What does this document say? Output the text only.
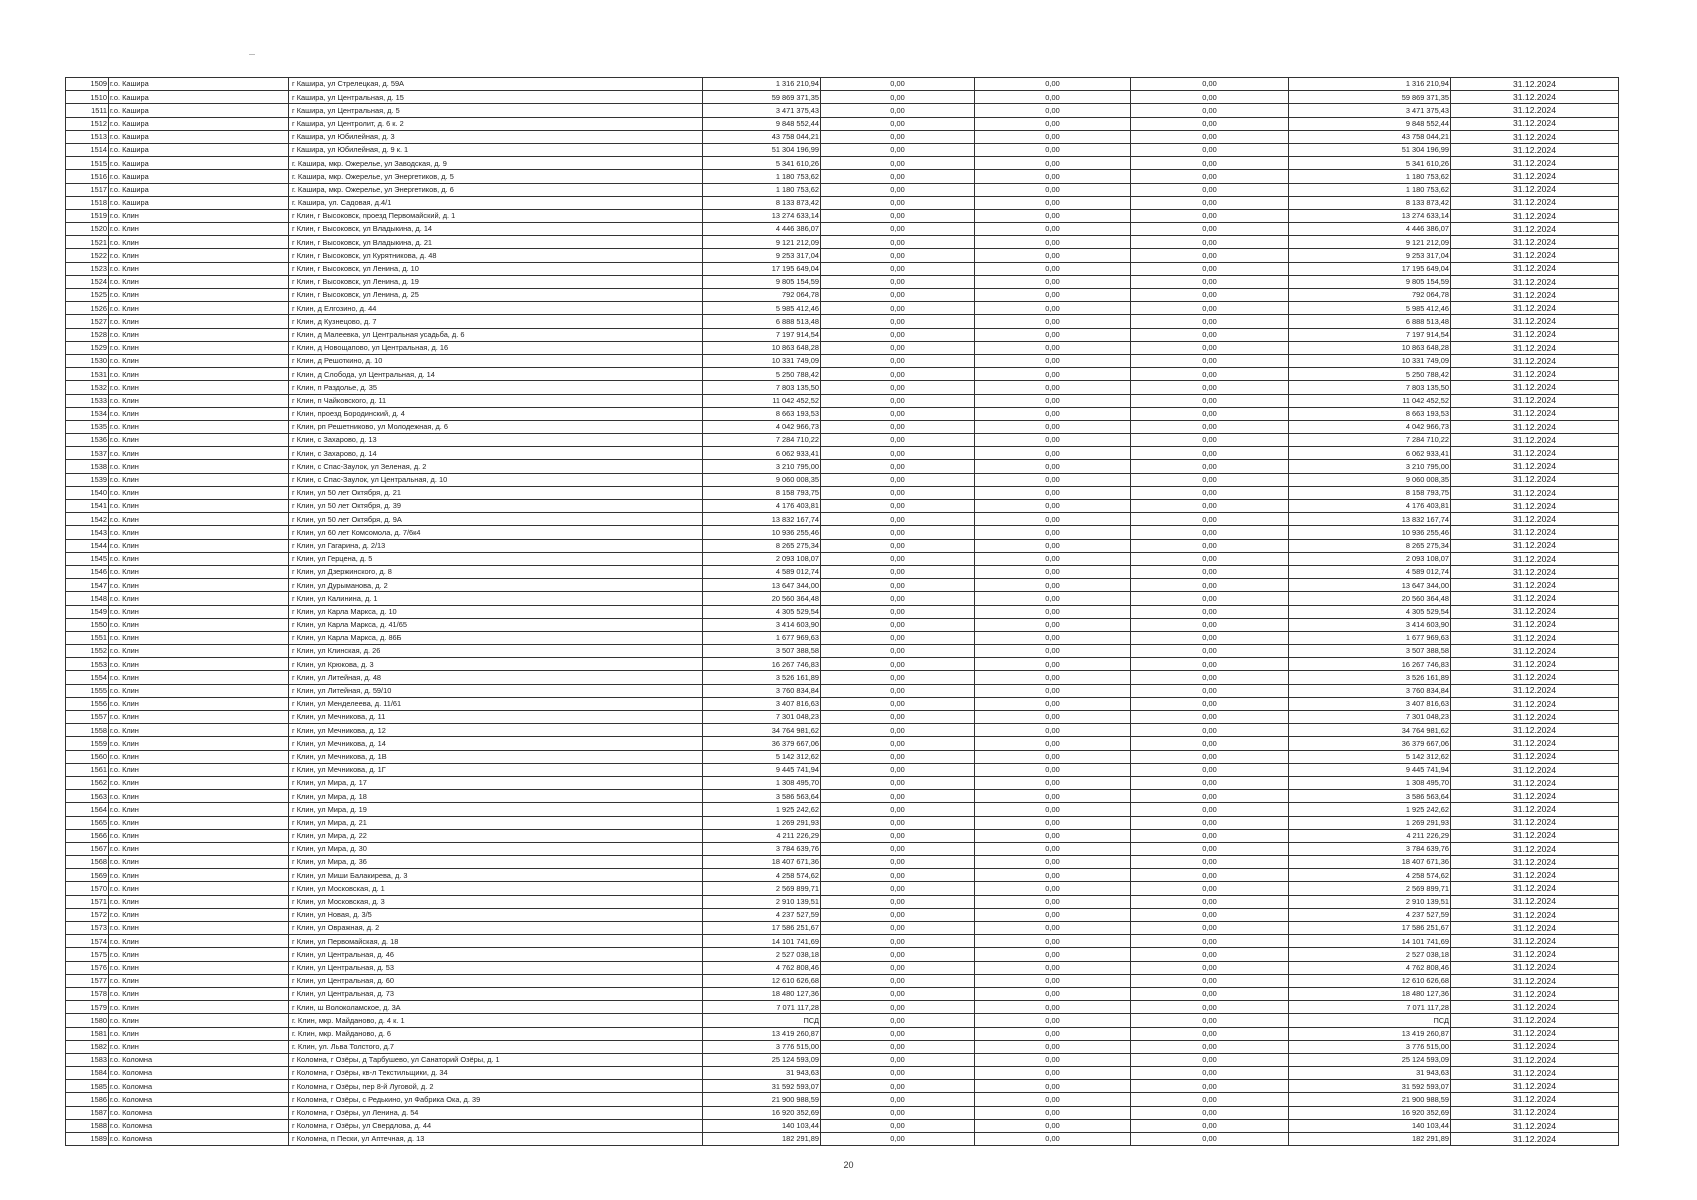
1509	г.о. Кашира	г Кашира, ул Стрелецкая, д. 59А	1 316 210,94	0,00	0,00	0,00	1 316 210,94	31.12.2024
1510	г.о. Кашира	г Кашира, ул Центральная, д. 15	59 869 371,35	0,00	0,00	0,00	59 869 371,35	31.12.2024
1511	г.о. Кашира	г Кашира, ул Центральная, д. 5	3 471 375,43	0,00	0,00	0,00	3 471 375,43	31.12.2024
1512	г.о. Кашира	г Кашира, ул Центролит, д. 6 к. 2	9 848 552,44	0,00	0,00	0,00	9 848 552,44	31.12.2024
1513	г.о. Кашира	г Кашира, ул Юбилейная, д. 3	43 758 044,21	0,00	0,00	0,00	43 758 044,21	31.12.2024
1514	г.о. Кашира	г Кашира, ул Юбилейная, д. 9 к. 1	51 304 196,99	0,00	0,00	0,00	51 304 196,99	31.12.2024
1515	г.о. Кашира	г. Кашира, мкр. Ожерелье, ул Заводская, д. 9	5 341 610,26	0,00	0,00	0,00	5 341 610,26	31.12.2024
1516	г.о. Кашира	г. Кашира, мкр. Ожерелье, ул Энергетиков, д. 5	1 180 753,62	0,00	0,00	0,00	1 180 753,62	31.12.2024
1517	г.о. Кашира	г. Кашира, мкр. Ожерелье, ул Энергетиков, д. 6	1 180 753,62	0,00	0,00	0,00	1 180 753,62	31.12.2024
1518	г.о. Кашира	г. Кашира, ул. Садовая, д.4/1	8 133 873,42	0,00	0,00	0,00	8 133 873,42	31.12.2024
1519	г.о. Клин	г Клин, г Высоковск, проезд Первомайский, д. 1	13 274 633,14	0,00	0,00	0,00	13 274 633,14	31.12.2024
1520	г.о. Клин	г Клин, г Высоковск, ул Владыкина, д. 14	4 446 386,07	0,00	0,00	0,00	4 446 386,07	31.12.2024
1521	г.о. Клин	г Клин, г Высоковск, ул Владыкина, д. 21	9 121 212,09	0,00	0,00	0,00	9 121 212,09	31.12.2024
1522	г.о. Клин	г Клин, г Высоковск, ул Курятникова, д. 48	9 253 317,04	0,00	0,00	0,00	9 253 317,04	31.12.2024
1523	г.о. Клин	г Клин, г Высоковск, ул Ленина, д. 10	17 195 649,04	0,00	0,00	0,00	17 195 649,04	31.12.2024
1524	г.о. Клин	г Клин, г Высоковск, ул Ленина, д. 19	9 805 154,59	0,00	0,00	0,00	9 805 154,59	31.12.2024
1525	г.о. Клин	г Клин, г Высоковск, ул Ленина, д. 25	792 064,78	0,00	0,00	0,00	792 064,78	31.12.2024
1526	г.о. Клин	г Клин, д Елгозино, д. 44	5 985 412,46	0,00	0,00	0,00	5 985 412,46	31.12.2024
1527	г.о. Клин	г Клин, д Кузнецово, д. 7	6 888 513,48	0,00	0,00	0,00	6 888 513,48	31.12.2024
1528	г.о. Клин	г Клин, д Малеевка, ул Центральная усадьба, д. 6	7 197 914,54	0,00	0,00	0,00	7 197 914,54	31.12.2024
1529	г.о. Клин	г Клин, д Новощапово, ул Центральная, д. 16	10 863 648,28	0,00	0,00	0,00	10 863 648,28	31.12.2024
1530	г.о. Клин	г Клин, д Решоткино, д. 10	10 331 749,09	0,00	0,00	0,00	10 331 749,09	31.12.2024
1531	г.о. Клин	г Клин, д Слобода, ул Центральная, д. 14	5 250 788,42	0,00	0,00	0,00	5 250 788,42	31.12.2024
1532	г.о. Клин	г Клин, п Раздолье, д. 35	7 803 135,50	0,00	0,00	0,00	7 803 135,50	31.12.2024
1533	г.о. Клин	г Клин, п Чайковского, д. 11	11 042 452,52	0,00	0,00	0,00	11 042 452,52	31.12.2024
1534	г.о. Клин	г Клин, проезд Бородинский, д. 4	8 663 193,53	0,00	0,00	0,00	8 663 193,53	31.12.2024
1535	г.о. Клин	г Клин, рп Решетниково, ул Молодежная, д. 6	4 042 966,73	0,00	0,00	0,00	4 042 966,73	31.12.2024
1536	г.о. Клин	г Клин, с Захарово, д. 13	7 284 710,22	0,00	0,00	0,00	7 284 710,22	31.12.2024
1537	г.о. Клин	г Клин, с Захарово, д. 14	6 062 933,41	0,00	0,00	0,00	6 062 933,41	31.12.2024
1538	г.о. Клин	г Клин, с Спас-Заулок, ул Зеленая, д. 2	3 210 795,00	0,00	0,00	0,00	3 210 795,00	31.12.2024
1539	г.о. Клин	г Клин, с Спас-Заулок, ул Центральная, д. 10	9 060 008,35	0,00	0,00	0,00	9 060 008,35	31.12.2024
1540	г.о. Клин	г Клин, ул 50 лет Октября, д. 21	8 158 793,75	0,00	0,00	0,00	8 158 793,75	31.12.2024
1541	г.о. Клин	г Клин, ул 50 лет Октября, д. 39	4 176 403,81	0,00	0,00	0,00	4 176 403,81	31.12.2024
1542	г.о. Клин	г Клин, ул 50 лет Октября, д. 9А	13 832 167,74	0,00	0,00	0,00	13 832 167,74	31.12.2024
1543	г.о. Клин	г Клин, ул 60 лет Комсомола, д. 7/6к4	10 936 255,46	0,00	0,00	0,00	10 936 255,46	31.12.2024
1544	г.о. Клин	г Клин, ул Гагарина, д. 2/13	8 265 275,34	0,00	0,00	0,00	8 265 275,34	31.12.2024
1545	г.о. Клин	г Клин, ул Герцена, д. 5	2 093 108,07	0,00	0,00	0,00	2 093 108,07	31.12.2024
1546	г.о. Клин	г Клин, ул Дзержинского, д. 8	4 589 012,74	0,00	0,00	0,00	4 589 012,74	31.12.2024
1547	г.о. Клин	г Клин, ул Дурыманова, д. 2	13 647 344,00	0,00	0,00	0,00	13 647 344,00	31.12.2024
1548	г.о. Клин	г Клин, ул Калинина, д. 1	20 560 364,48	0,00	0,00	0,00	20 560 364,48	31.12.2024
1549	г.о. Клин	г Клин, ул Карла Маркса, д. 10	4 305 529,54	0,00	0,00	0,00	4 305 529,54	31.12.2024
1550	г.о. Клин	г Клин, ул Карла Маркса, д. 41/65	3 414 603,90	0,00	0,00	0,00	3 414 603,90	31.12.2024
1551	г.о. Клин	г Клин, ул Карла Маркса, д. 86Б	1 677 969,63	0,00	0,00	0,00	1 677 969,63	31.12.2024
1552	г.о. Клин	г Клин, ул Клинская, д. 26	3 507 388,58	0,00	0,00	0,00	3 507 388,58	31.12.2024
1553	г.о. Клин	г Клин, ул Крюкова, д. 3	16 267 746,83	0,00	0,00	0,00	16 267 746,83	31.12.2024
1554	г.о. Клин	г Клин, ул Литейная, д. 48	3 526 161,89	0,00	0,00	0,00	3 526 161,89	31.12.2024
1555	г.о. Клин	г Клин, ул Литейная, д. 59/10	3 760 834,84	0,00	0,00	0,00	3 760 834,84	31.12.2024
1556	г.о. Клин	г Клин, ул Менделеева, д. 11/61	3 407 816,63	0,00	0,00	0,00	3 407 816,63	31.12.2024
1557	г.о. Клин	г Клин, ул Мечникова, д. 11	7 301 048,23	0,00	0,00	0,00	7 301 048,23	31.12.2024
1558	г.о. Клин	г Клин, ул Мечникова, д. 12	34 764 981,62	0,00	0,00	0,00	34 764 981,62	31.12.2024
1559	г.о. Клин	г Клин, ул Мечникова, д. 14	36 379 667,06	0,00	0,00	0,00	36 379 667,06	31.12.2024
1560	г.о. Клин	г Клин, ул Мечникова, д. 1В	5 142 312,62	0,00	0,00	0,00	5 142 312,62	31.12.2024
1561	г.о. Клин	г Клин, ул Мечникова, д. 1Г	9 445 741,94	0,00	0,00	0,00	9 445 741,94	31.12.2024
1562	г.о. Клин	г Клин, ул Мира, д. 17	1 308 495,70	0,00	0,00	0,00	1 308 495,70	31.12.2024
1563	г.о. Клин	г Клин, ул Мира, д. 18	3 586 563,64	0,00	0,00	0,00	3 586 563,64	31.12.2024
1564	г.о. Клин	г Клин, ул Мира, д. 19	1 925 242,62	0,00	0,00	0,00	1 925 242,62	31.12.2024
1565	г.о. Клин	г Клин, ул Мира, д. 21	1 269 291,93	0,00	0,00	0,00	1 269 291,93	31.12.2024
1566	г.о. Клин	г Клин, ул Мира, д. 22	4 211 226,29	0,00	0,00	0,00	4 211 226,29	31.12.2024
1567	г.о. Клин	г Клин, ул Мира, д. 30	3 784 639,76	0,00	0,00	0,00	3 784 639,76	31.12.2024
1568	г.о. Клин	г Клин, ул Мира, д. 36	18 407 671,36	0,00	0,00	0,00	18 407 671,36	31.12.2024
1569	г.о. Клин	г Клин, ул Миши Балакирева, д. 3	4 258 574,62	0,00	0,00	0,00	4 258 574,62	31.12.2024
1570	г.о. Клин	г Клин, ул Московская, д. 1	2 569 899,71	0,00	0,00	0,00	2 569 899,71	31.12.2024
1571	г.о. Клин	г Клин, ул Московская, д. 3	2 910 139,51	0,00	0,00	0,00	2 910 139,51	31.12.2024
1572	г.о. Клин	г Клин, ул Новая, д. 3/5	4 237 527,59	0,00	0,00	0,00	4 237 527,59	31.12.2024
1573	г.о. Клин	г Клин, ул Овражная, д. 2	17 586 251,67	0,00	0,00	0,00	17 586 251,67	31.12.2024
1574	г.о. Клин	г Клин, ул Первомайская, д. 18	14 101 741,69	0,00	0,00	0,00	14 101 741,69	31.12.2024
1575	г.о. Клин	г Клин, ул Центральная, д. 46	2 527 038,18	0,00	0,00	0,00	2 527 038,18	31.12.2024
1576	г.о. Клин	г Клин, ул Центральная, д. 53	4 762 808,46	0,00	0,00	0,00	4 762 808,46	31.12.2024
1577	г.о. Клин	г Клин, ул Центральная, д. 60	12 610 626,68	0,00	0,00	0,00	12 610 626,68	31.12.2024
1578	г.о. Клин	г Клин, ул Центральная, д. 73	18 480 127,36	0,00	0,00	0,00	18 480 127,36	31.12.2024
1579	г.о. Клин	г Клин, ш Волоколамское, д. 3А	7 071 117,28	0,00	0,00	0,00	7 071 117,28	31.12.2024
1580	г.о. Клин	г. Клин, мкр. Майданово, д. 4 к. 1	ПСД	0,00	0,00	0,00	ПСД	31.12.2024
1581	г.о. Клин	г. Клин, мкр. Майданово, д. 6	13 419 260,87	0,00	0,00	0,00	13 419 260,87	31.12.2024
1582	г.о. Клин	г. Клин, ул. Льва Толстого, д.7	3 776 515,00	0,00	0,00	0,00	3 776 515,00	31.12.2024
1583	г.о. Коломна	г Коломна, г Озёры, д Тарбушево, ул Санаторий Озёры, д. 1	25 124 593,09	0,00	0,00	0,00	25 124 593,09	31.12.2024
1584	г.о. Коломна	г Коломна, г Озёры, кв-л Текстильщики, д. 34	31 943,63	0,00	0,00	0,00	31 943,63	31.12.2024
1585	г.о. Коломна	г Коломна, г Озёры, пер 8-й Луговой, д. 2	31 592 593,07	0,00	0,00	0,00	31 592 593,07	31.12.2024
1586	г.о. Коломна	г Коломна, г Озёры, с Редькино, ул Фабрика Ока, д. 39	21 900 988,59	0,00	0,00	0,00	21 900 988,59	31.12.2024
1587	г.о. Коломна	г Коломна, г Озёры, ул Ленина, д. 54	16 920 352,69	0,00	0,00	0,00	16 920 352,69	31.12.2024
1588	г.о. Коломна	г Коломна, г Озёры, ул Свердлова, д. 44	140 103,44	0,00	0,00	0,00	140 103,44	31.12.2024
1589	г.о. Коломна	г Коломна, п Пески, ул Аптечная, д. 13	182 291,89	0,00	0,00	0,00	182 291,89	31.12.2024
20
